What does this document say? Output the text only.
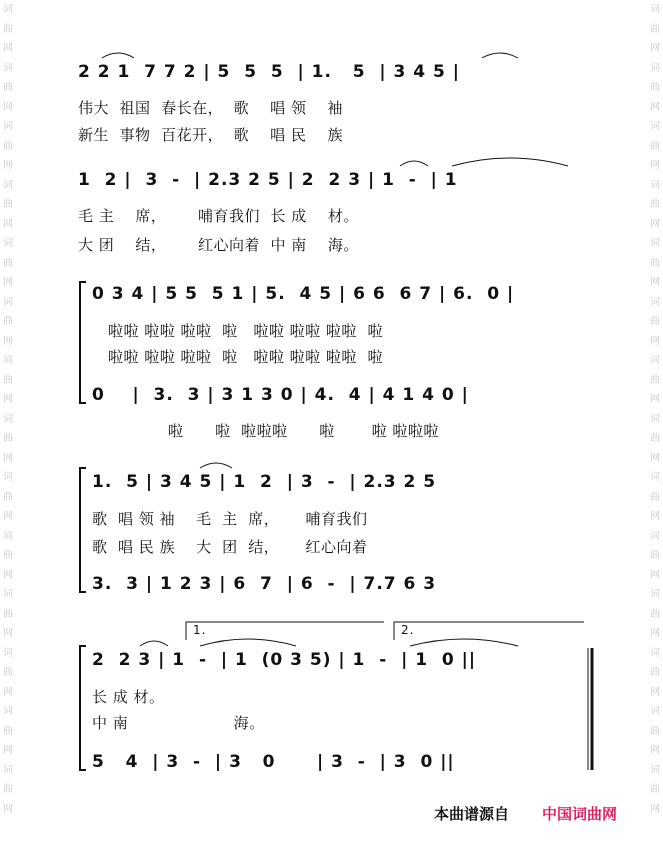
词曲网词曲网词曲网词曲网词曲网词曲网词曲网词曲网词曲网词曲网词曲网词曲网词曲网词曲网
词曲网词曲网词曲网词曲网词曲网词曲网词曲网词曲网词曲网词曲网词曲网词曲网词曲网词曲网
2 2 1  7 7 2 | 5  5  5  | 1.   5  | 3 4 5 |
伟大  祖国  春长在，  歌    唱 领    袖
新生  事物  百花开，  歌    唱 民    族
1  2 |  3  -  | 2.3 2 5 | 2  2 3 | 1  -  | 1
毛 主    席，      哺育我们  长 成    材。
大 团    结，      红心向着  中 南    海。
0 3 4 | 5 5  5 1 | 5.  4 5 | 6 6  6 7 | 6.  0 |
啦啦 啦啦 啦啦  啦   啦啦 啦啦 啦啦  啦
啦啦 啦啦 啦啦  啦   啦啦 啦啦 啦啦  啦
0    |  3.  3 | 3 1 3 0 | 4.  4 | 4 1 4 0 |
啦      啦  啦啦啦      啦       啦 啦啦啦
1.  5 | 3 4 5 | 1  2  | 3  -  | 2.3 2 5
歌  唱 领 袖    毛  主  席，     哺育我们
歌  唱 民 族    大  团  结，     红心向着
3.  3 | 1 2 3 | 6  7  | 6  -  | 7.7 6 3
2  2 3 | 1  -  | 1  (0 3 5) | 1  -  | 1  0 ||
1.	2.
长 成 材。
中 南                    海。
5   4  | 3  -  | 3   0      | 3  -  | 3  0 ||
本曲谱源自 中国词曲网
